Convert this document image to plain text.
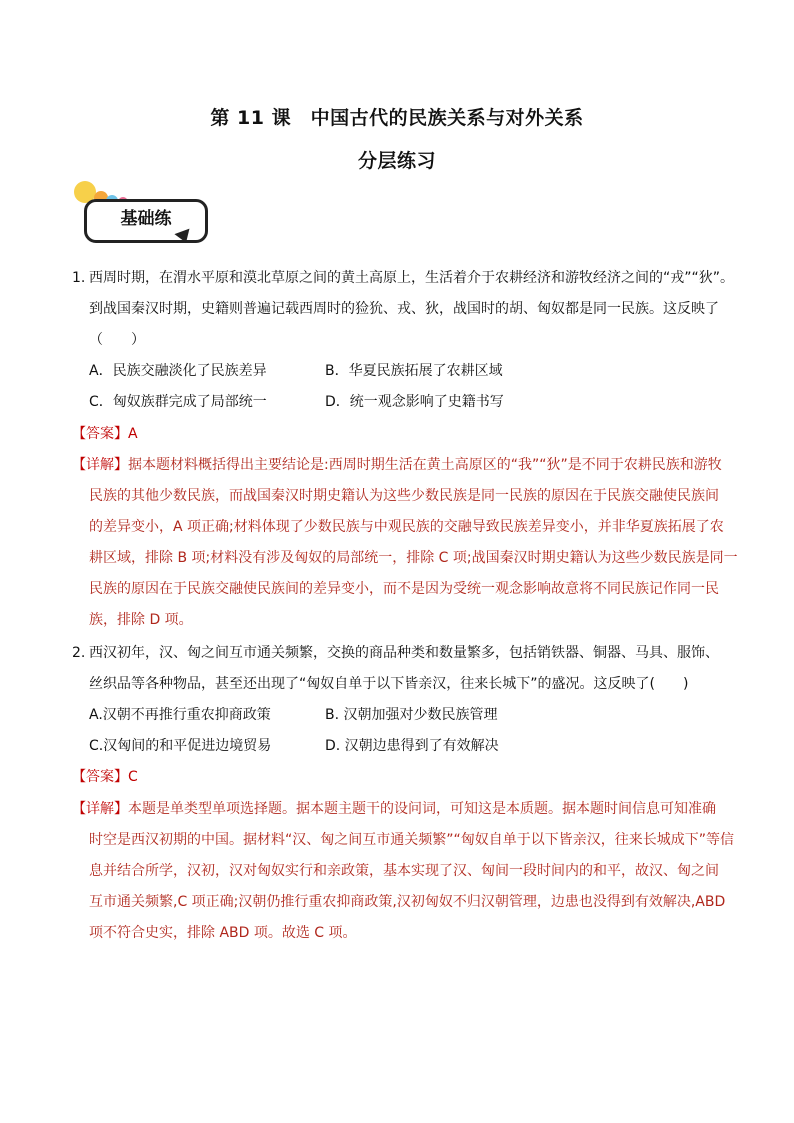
第 11 课　中国古代的民族关系与对外关系
分层练习
基础练
1. 西周时期，在渭水平原和漠北草原之间的黄土高原上，生活着介于农耕经济和游牧经济之间的“戎”“狄”。
到战国秦汉时期，史籍则普遍记载西周时的猃狁、戎、狄，战国时的胡、匈奴都是同一民族。这反映了
（　　）
A．民族交融淡化了民族差异	B．华夏民族拓展了农耕区域
C．匈奴族群完成了局部统一	D．统一观念影响了史籍书写
【答案】A
【详解】据本题材料概括得出主要结论是:西周时期生活在黄土高原区的“我”“狄”是不同于农耕民族和游牧
民族的其他少数民族，而战国秦汉时期史籍认为这些少数民族是同一民族的原因在于民族交融使民族间
的差异变小，A 项正确;材料体现了少数民族与中观民族的交融导致民族差异变小，并非华夏族拓展了农
耕区域，排除 B 项;材料没有涉及匈奴的局部统一，排除 C 项;战国秦汉时期史籍认为这些少数民族是同一
民族的原因在于民族交融使民族间的差异变小，而不是因为受统一观念影响故意将不同民族记作同一民
族，排除 D 项。
2. 西汉初年，汉、匈之间互市通关频繁，交换的商品种类和数量繁多，包括销铁器、铜器、马具、服饰、
丝织品等各种物品，甚至还出现了“匈奴自单于以下皆亲汉，往来长城下”的盛况。这反映了(　　)
A.汉朝不再推行重农抑商政策	B. 汉朝加强对少数民族管理
C.汉匈间的和平促进边境贸易	D. 汉朝边患得到了有效解决
【答案】C
【详解】本题是单类型单项选择题。据本题主题干的设问词，可知这是本质题。据本题时间信息可知准确
时空是西汉初期的中国。据材料“汉、匈之间互市通关频繁”“匈奴自单于以下皆亲汉，往来长城成下”等信
息并结合所学，汉初，汉对匈奴实行和亲政策，基本实现了汉、匈间一段时间内的和平，故汉、匈之间
互市通关频繁,C 项正确;汉朝仍推行重农抑商政策,汉初匈奴不归汉朝管理，边患也没得到有效解决,ABD
项不符合史实，排除 ABD 项。故选 C 项。
